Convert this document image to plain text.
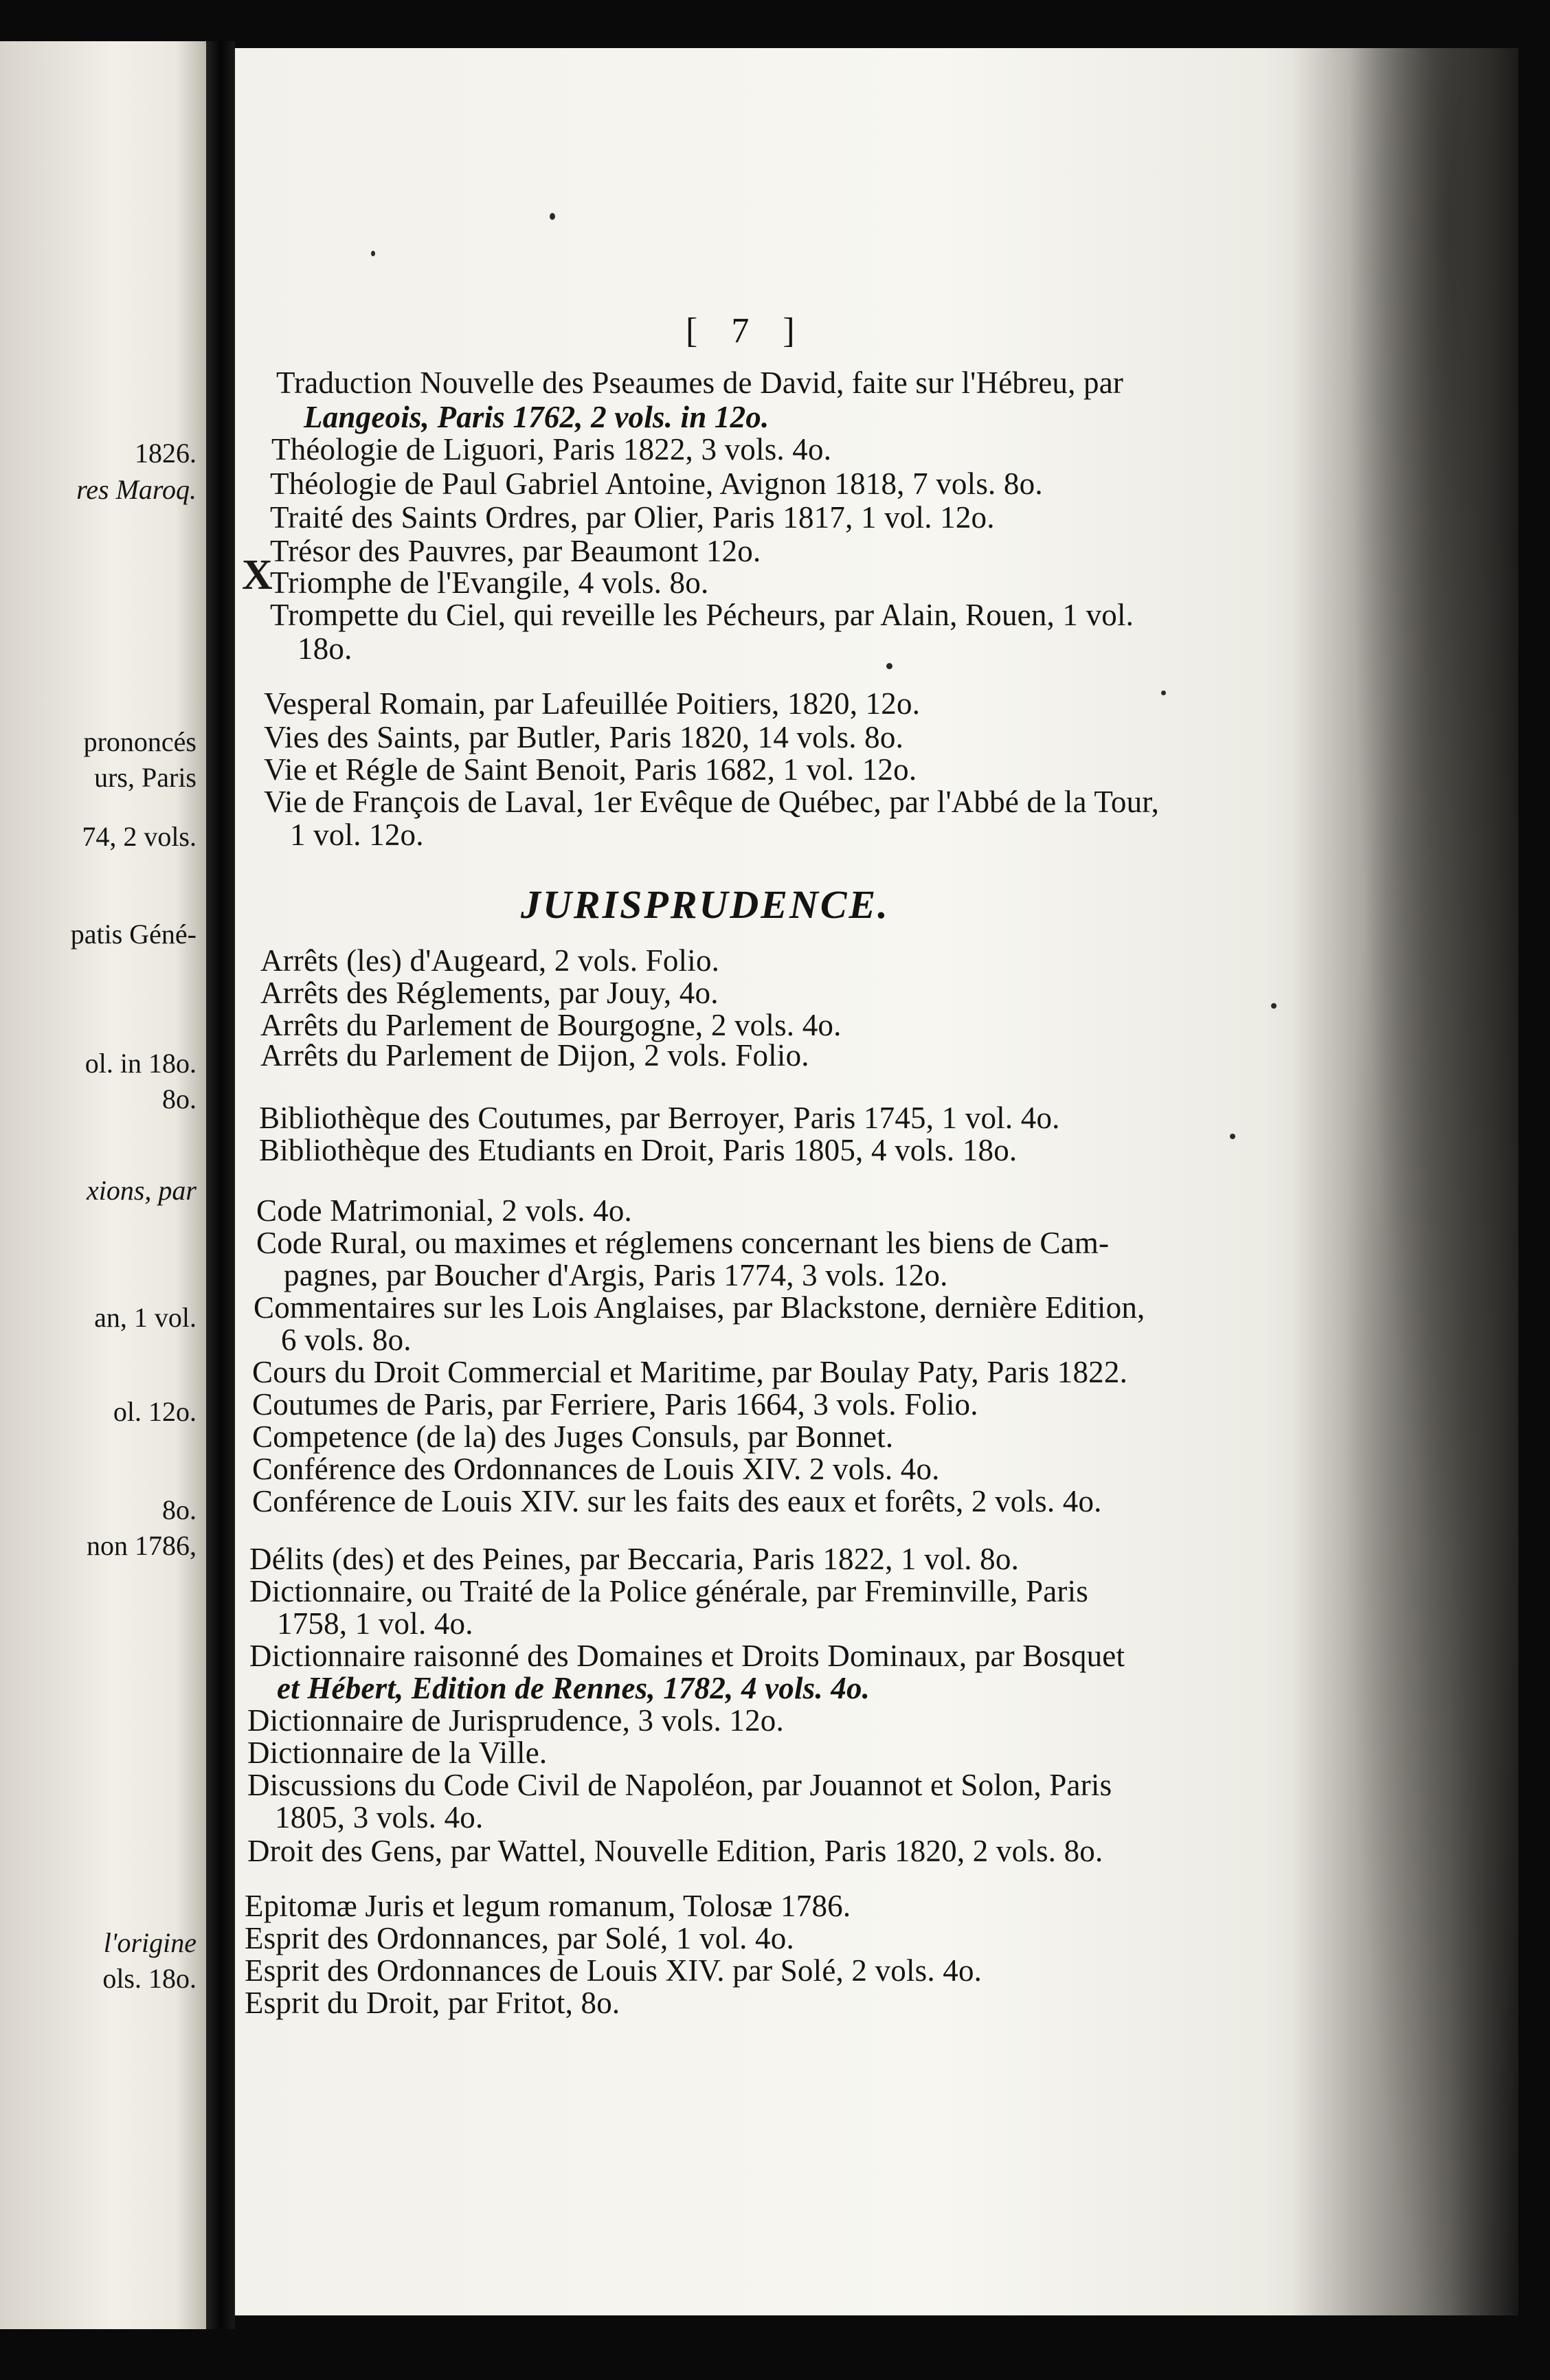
1826.
res Maroq.
prononcés
urs, Paris
74, 2 vols.
patis Géné-
ol. in 18o.
8o.
xions, par
an, 1 vol.
ol. 12o.
8o.
non 1786,
l'origine
ols. 18o.
[ 7 ]
X
JURISPRUDENCE.
Traduction Nouvelle des Pseaumes de David, faite sur l'Hébreu, par
Langeois, Paris 1762, 2 vols. in 12o.
Théologie de Liguori, Paris 1822, 3 vols. 4o.
Théologie de Paul Gabriel Antoine, Avignon 1818, 7 vols. 8o.
Traité des Saints Ordres, par Olier, Paris 1817, 1 vol. 12o.
Trésor des Pauvres, par Beaumont 12o.
Triomphe de l'Evangile, 4 vols. 8o.
Trompette du Ciel, qui reveille les Pécheurs, par Alain, Rouen, 1 vol.
18o.
Vesperal Romain, par Lafeuillée Poitiers, 1820, 12o.
Vies des Saints, par Butler, Paris 1820, 14 vols. 8o.
Vie et Régle de Saint Benoit, Paris 1682, 1 vol. 12o.
Vie de François de Laval, 1er Evêque de Québec, par l'Abbé de la Tour,
1 vol. 12o.
Arrêts (les) d'Augeard, 2 vols. Folio.
Arrêts des Réglements, par Jouy, 4o.
Arrêts du Parlement de Bourgogne, 2 vols. 4o.
Arrêts du Parlement de Dijon, 2 vols. Folio.
Bibliothèque des Coutumes, par Berroyer, Paris 1745, 1 vol. 4o.
Bibliothèque des Etudiants en Droit, Paris 1805, 4 vols. 18o.
Code Matrimonial, 2 vols. 4o.
Code Rural, ou maximes et réglemens concernant les biens de Cam-
pagnes, par Boucher d'Argis, Paris 1774, 3 vols. 12o.
Commentaires sur les Lois Anglaises, par Blackstone, dernière Edition,
6 vols. 8o.
Cours du Droit Commercial et Maritime, par Boulay Paty, Paris 1822.
Coutumes de Paris, par Ferriere, Paris 1664, 3 vols. Folio.
Competence (de la) des Juges Consuls, par Bonnet.
Conférence des Ordonnances de Louis XIV. 2 vols. 4o.
Conférence de Louis XIV. sur les faits des eaux et forêts, 2 vols. 4o.
Délits (des) et des Peines, par Beccaria, Paris 1822, 1 vol. 8o.
Dictionnaire, ou Traité de la Police générale, par Freminville, Paris
1758, 1 vol. 4o.
Dictionnaire raisonné des Domaines et Droits Dominaux, par Bosquet
et Hébert, Edition de Rennes, 1782, 4 vols. 4o.
Dictionnaire de Jurisprudence, 3 vols. 12o.
Dictionnaire de la Ville.
Discussions du Code Civil de Napoléon, par Jouannot et Solon, Paris
1805, 3 vols. 4o.
Droit des Gens, par Wattel, Nouvelle Edition, Paris 1820, 2 vols. 8o.
Epitomæ Juris et legum romanum, Tolosæ 1786.
Esprit des Ordonnances, par Solé, 1 vol. 4o.
Esprit des Ordonnances de Louis XIV. par Solé, 2 vols. 4o.
Esprit du Droit, par Fritot, 8o.
